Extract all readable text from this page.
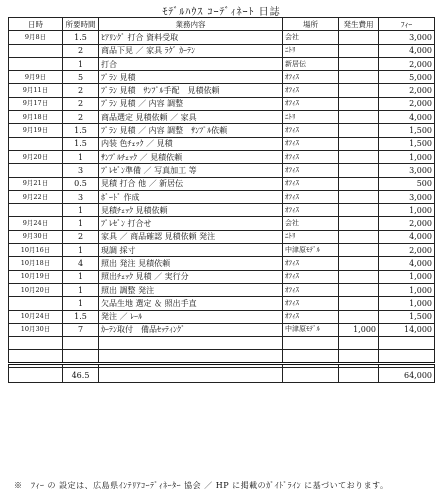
ﾓﾃﾞﾙﾊｳｽ ｺｰﾃﾞｨﾈｰﾄ 日誌
日時	所要時間	業務内容	場所	発生費用	ﾌｨｰ
9月8日	1.5	ﾋｱﾘﾝｸﾞ 打合 資料受取	会社		3,000
	2	商品下見 ／ 家具 ﾗｸﾞ ｶｰﾃﾝ	ﾆﾄﾘ		4,000
	1	打合	新居伝		2,000
9月9日	5	ﾌﾟﾗﾝ 見積	ｵﾌｨｽ		5,000
9月11日	2	ﾌﾟﾗﾝ 見積　ｻﾝﾌﾟﾙ手配　見積依頼	ｵﾌｨｽ		2,000
9月17日	2	ﾌﾟﾗﾝ 見積 ／ 内容 調整	ｵﾌｨｽ		2,000
9月18日	2	商品選定 見積依頼 ／ 家具	ﾆﾄﾘ		4,000
9月19日	1.5	ﾌﾟﾗﾝ 見積 ／ 内容 調整　ｻﾝﾌﾟﾙ依頼	ｵﾌｨｽ		1,500
	1.5	内装 色ﾁｪｯｸ ／ 見積	ｵﾌｨｽ		1,500
9月20日	1	ｻﾝﾌﾟﾙﾁｪｯｸ ／ 見積依頼	ｵﾌｨｽ		1,000
	3	ﾌﾟﾚｾﾞﾝ準備 ／ 写真加工 等	ｵﾌｨｽ		3,000
9月21日	0.5	見積 打合 他 ／ 新居伝	ｵﾌｨｽ		500
9月22日	3	ﾎﾞｰﾄﾞ 作成	ｵﾌｨｽ		3,000
	1	見積ﾁｪｯｸ 見積依頼	ｵﾌｨｽ		1,000
9月24日	1	ﾌﾟﾚｾﾞﾝ 打合せ	会社		2,000
9月30日	2	家具 ／ 商品確認 見積依頼 発注	ﾆﾄﾘ		4,000
10月16日	1	現調 採寸	中津原ﾓﾃﾞﾙ		2,000
10月18日	4	照出 発注 見積依頼	ｵﾌｨｽ		4,000
10月19日	1	照出ﾁｪｯｸ 見積 ／ 実行分	ｵﾌｨｽ		1,000
10月20日	1	照出 調整 発注	ｵﾌｨｽ		1,000
	1	欠品生地 選定 ＆ 照出手直	ｵﾌｨｽ		1,000
10月24日	1.5	発注 ／ ﾚｰﾙ	ｵﾌｨｽ		1,500
10月30日	7	ｶｰﾃﾝ取付　備品ｾｯﾃｨﾝｸﾞ	中津原ﾓﾃﾞﾙ	1,000	14,000

	46.5				64,000
※　ﾌｨｰ の 設定は、広島県ｲﾝﾃﾘｱｺｰﾃﾞｨﾈｰﾀｰ 協会 ／ HP に掲載のｶﾞｲﾄﾞﾗｲﾝ に基づいております。
